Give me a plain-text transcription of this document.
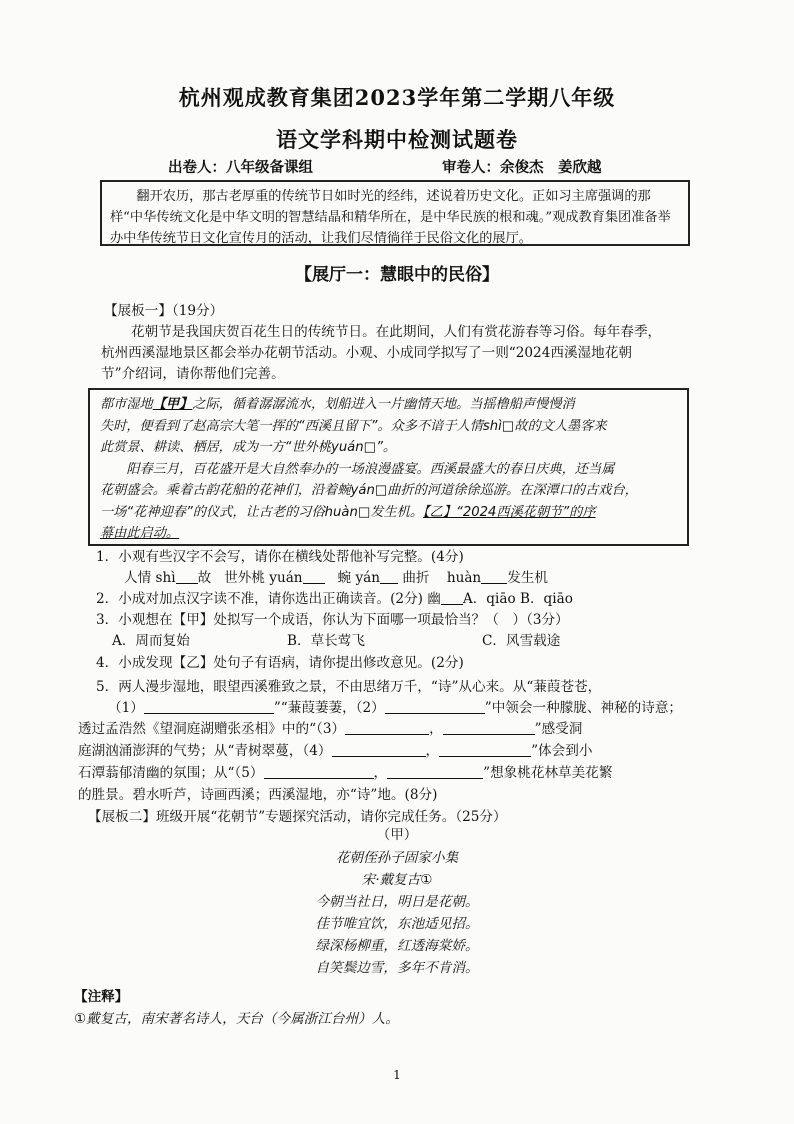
杭州观成教育集团2023学年第二学期八年级
语文学科期中检测试题卷
出卷人：八年级备课组	审卷人：余俊杰　姜欣越
翻开农历，那古老厚重的传统节日如时光的经纬，述说着历史文化。正如习主席强调的那样“中华传统文化是中华文明的智慧结晶和精华所在，是中华民族的根和魂。”观成教育集团准备举办中华传统节日文化宣传月的活动，让我们尽情徜徉于民俗文化的展厅。
【展厅一：慧眼中的民俗】
【展板一】（19分）
花朝节是我国庆贺百花生日的传统节日。在此期间，人们有赏花游春等习俗。每年春季，
杭州西溪湿地景区都会举办花朝节活动。小观、小成同学拟写了一则“2024西溪湿地花朝
都市湿地【甲】之际，循着潺潺流水，划船进入一片幽情天地。当摇橹船声慢慢消
失时，便看到了赵高宗大笔一挥的“西溪且留下”。众多不谙于人情shì□故的文人墨客来
此赏景、耕读、栖居，成为一方“世外桃yuán□”。
阳春三月，百花盛开是大自然奉办的一场浪漫盛宴。西溪最盛大的春日庆典，还当属
花朝盛会。乘着古韵花船的花神们，沿着蜿yán□曲折的河道徐徐巡游。在深潭口的古戏台，
一场“花神迎春”的仪式，让古老的习俗huàn□发生机。【乙】“2024西溪花朝节”的序
幕由此启动。
节”介绍词，请你帮他们完善。
1．小观有些汉字不会写，请你在横线处帮他补写完整。(4分)
人情 shì 故 世外桃 yuán	蜿 yán 曲折 huàn 发生机
2．小成对加点汉字读不准，请你选出正确读音。(2分) 幽 A．qiāo B．qiāo
3．小观想在【甲】处拟写一个成语，你认为下面哪一项最恰当？（　）（3分）
A．周而复始	B．草长莺飞	C．风雪载途
4．小成发现【乙】处句子有语病，请你提出修改意见。(2分)
5．两人漫步湿地，眼望西溪雅致之景，不由思绪万千，“诗”从心来。从“蒹葭苍苍，
（1）	”“蒹葭萋萋，（2）	”中领会一种朦胧、神秘的诗意；
透过孟浩然《望洞庭湖赠张丞相》中的“（3）	，	”感受洞
庭湖汹涌澎湃的气势；从“青树翠蔓，（4）	，	”体会到小
石潭蓊郁清幽的氛围；从“（5）	，	”想象桃花林草美花繁
的胜景。碧水听芦，诗画西溪；西溪湿地，亦“诗”地。(8分)
【展板二】班级开展“花朝节”专题探究活动，请你完成任务。（25分）
（甲）
花朝侄孙子固家小集
宋·戴复古①
今朝当社日，明日是花朝。
佳节唯宜饮，东池适见招。
绿深杨柳重，红透海棠娇。
自笑鬓边雪，多年不肯消。
【注释】
①戴复古，南宋著名诗人，天台（今属浙江台州）人。
1
